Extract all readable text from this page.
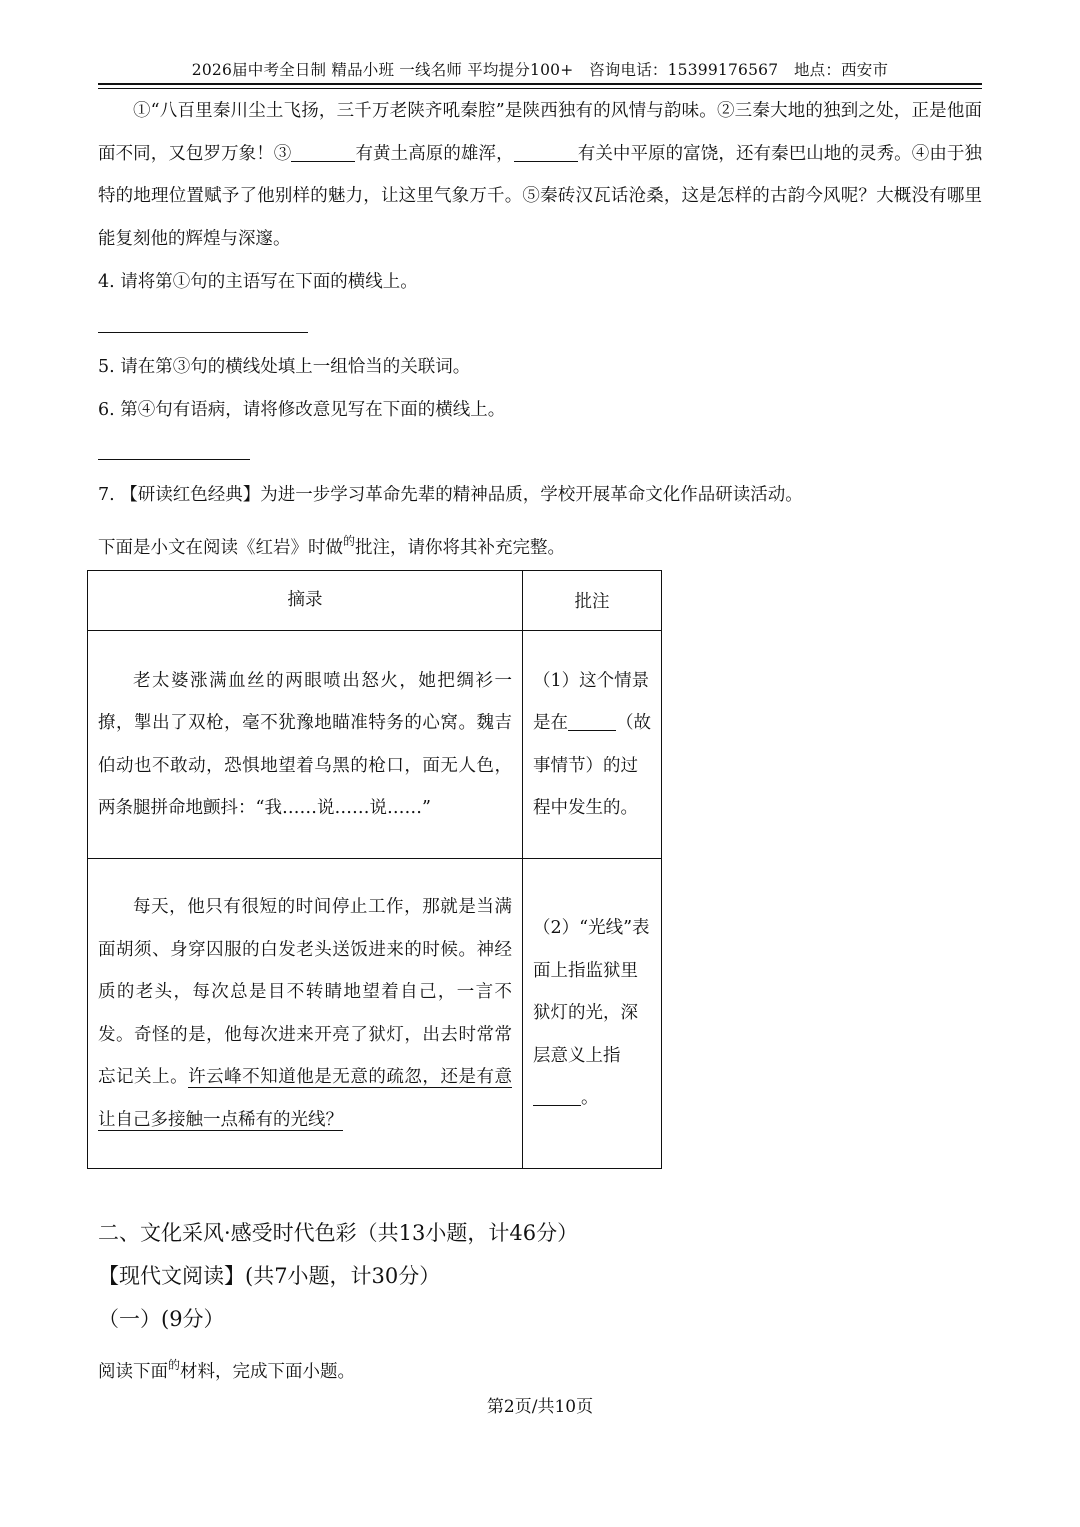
2026届中考全日制 精品小班 一线名师 平均提分100+　咨询电话：15399176567　地点：西安市
①“八百里秦川尘土飞扬，三千万老陕齐吼秦腔”是陕西独有的风情与韵味。②三秦大地的独到之处，正是他面面不同，又包罗万象！③	有黄土高原的雄浑，	有关中平原的富饶，还有秦巴山地的灵秀。④由于独特的地理位置赋予了他别样的魅力，让这里气象万千。⑤秦砖汉瓦话沧桑，这是怎样的古韵今风呢？大概没有哪里能复刻他的辉煌与深邃。
4. 请将第①句的主语写在下面的横线上。
5. 请在第③句的横线处填上一组恰当的关联词。
6. 第④句有语病，请将修改意见写在下面的横线上。
7. 【研读红色经典】为进一步学习革命先辈的精神品质，学校开展革命文化作品研读活动。
下面是小文在阅读《红岩》时做$^的$批注，请你将其补充完整。
摘录	批注

老太婆涨满血丝的两眼喷出怒火，她把绸衫一撩，掣出了双枪，毫不犹豫地瞄准特务的心窝。魏吉伯动也不敢动，恐惧地望着乌黑的枪口，面无人色，两条腿拼命地颤抖：“我……说……说……”	（1）这个情景是在 （故事情节）的过程中发生的。

每天，他只有很短的时间停止工作，那就是当满面胡须、身穿囚服的白发老头送饭进来的时候。神经质的老头，每次总是目不转睛地望着自己，一言不发。奇怪的是，他每次进来开亮了狱灯，出去时常常忘记关上。许云峰不知道他是无意的疏忽，还是有意让自己多接触一点稀有的光线？	（2）“光线”表面上指监狱里狱灯的光，深层意义上指。
二、文化采风·感受时代色彩（共13小题，计46分）
【现代文阅读】(共7小题，计30分）
（一）(9分）
阅读下面$^的$材料，完成下面小题。
第2页/共10页
